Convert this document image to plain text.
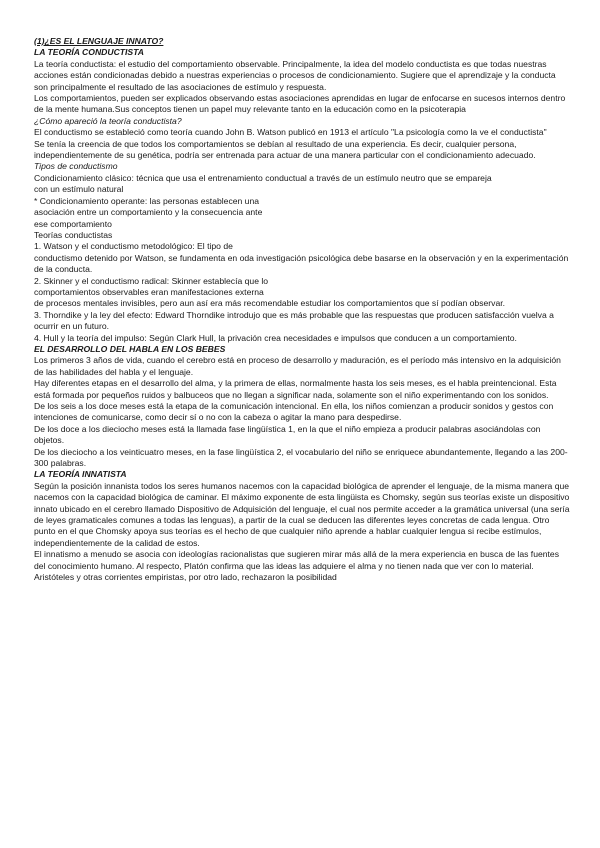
(1)¿ES EL LENGUAJE INNATO?

LA TEORÍA CONDUCTISTA

La teoría conductista: el estudio del comportamiento observable. Principalmente, la idea del modelo conductista es que todas nuestras acciones están condicionadas debido a nuestras experiencias o procesos de condicionamiento. Sugiere que el aprendizaje y la conducta son principalmente el resultado de las asociaciones de estímulo y respuesta.

Los comportamientos, pueden ser explicados observando estas asociaciones aprendidas en lugar de enfocarse en sucesos internos dentro de la mente humana.Sus conceptos tienen un papel muy relevante tanto en la educación como en la psicoterapia

¿Cómo apareció la teoría conductista?

El conductismo se estableció como teoría cuando John B. Watson publicó en 1913 el artículo "La psicología como la ve el conductista"

Se tenía la creencia de que todos los comportamientos se debían al resultado de una experiencia. Es decir, cualquier persona, independientemente de su genética, podría ser entrenada para actuar de una manera particular con el condicionamiento adecuado.

Tipos de conductismo

Condicionamiento clásico: técnica que usa el entrenamiento conductual a través de un estímulo neutro que se empareja

con un estímulo natural

* Condicionamiento operante: las personas establecen una

asociación entre un comportamiento y la consecuencia ante

ese comportamiento

Teorías conductistas

1. Watson y el conductismo metodológico: El tipo de

conductismo detenido por Watson, se fundamenta en oda investigación psicológica debe basarse en la observación y en la experimentación de la conducta.

2. Skinner y el conductismo radical: Skinner establecía que lo

comportamientos observables eran manifestaciones externa

de procesos mentales invisibles, pero aun así era más recomendable estudiar los comportamientos que sí podían observar.

3. Thorndike y la ley del efecto: Edward Thorndike introdujo que es más probable que las respuestas que producen satisfacción vuelva a ocurrir en un futuro.

4. Hull y la teoría del impulso: Según Clark Hull, la privación crea necesidades e impulsos que conducen a un comportamiento.

EL DESARROLLO DEL HABLA EN LOS BEBES

Los primeros 3 años de vida, cuando el cerebro está en proceso de desarrollo y maduración, es el período más intensivo en la adquisición de las habilidades del habla y el lenguaje.

Hay diferentes etapas en el desarrollo del alma, y la primera de ellas, normalmente hasta los seis meses, es el habla preintencional. Esta está formada por pequeños ruidos y balbuceos que no llegan a significar nada, solamente son el niño experimentando con los sonidos.

De los seis a los doce meses está la etapa de la comunicación intencional. En ella, los niños comienzan a producir sonidos y gestos con intenciones de comunicarse, como decir sí o no con la cabeza o agitar la mano para despedirse.

De los doce a los dieciocho meses está la llamada fase lingüística 1, en la que el niño empieza a producir palabras asociándolas con objetos.

De los dieciocho a los veinticuatro meses, en la fase lingüística 2, el vocabulario del niño se enriquece abundantemente, llegando a las 200-300 palabras.

LA TEORÍA INNATISTA

Según la posición innanista todos los seres humanos nacemos con la capacidad biológica de aprender el lenguaje, de la misma manera que nacemos con la capacidad biológica de caminar. El máximo exponente de esta lingüista es Chomsky, según sus teorías existe un dispositivo innato ubicado en el cerebro llamado Dispositivo de Adquisición del lenguaje, el cual nos permite acceder a la gramática universal (una sería de leyes gramaticales comunes a todas las lenguas), a partir de la cual se deducen las diferentes leyes concretas de cada lengua. Otro punto en el que Chomsky apoya sus teorías es el hecho de que cualquier niño aprende a hablar cualquier lengua si recibe estímulos, independientemente de la calidad de estos.

El innatismo a menudo se asocia con ideologías racionalistas que sugieren mirar más allá de la mera experiencia en busca de las fuentes del conocimiento humano. Al respecto, Platón confirma que las ideas las adquiere el alma y no tienen nada que ver con lo material. Aristóteles y otras corrientes empiristas, por otro lado, rechazaron la posibilidad
